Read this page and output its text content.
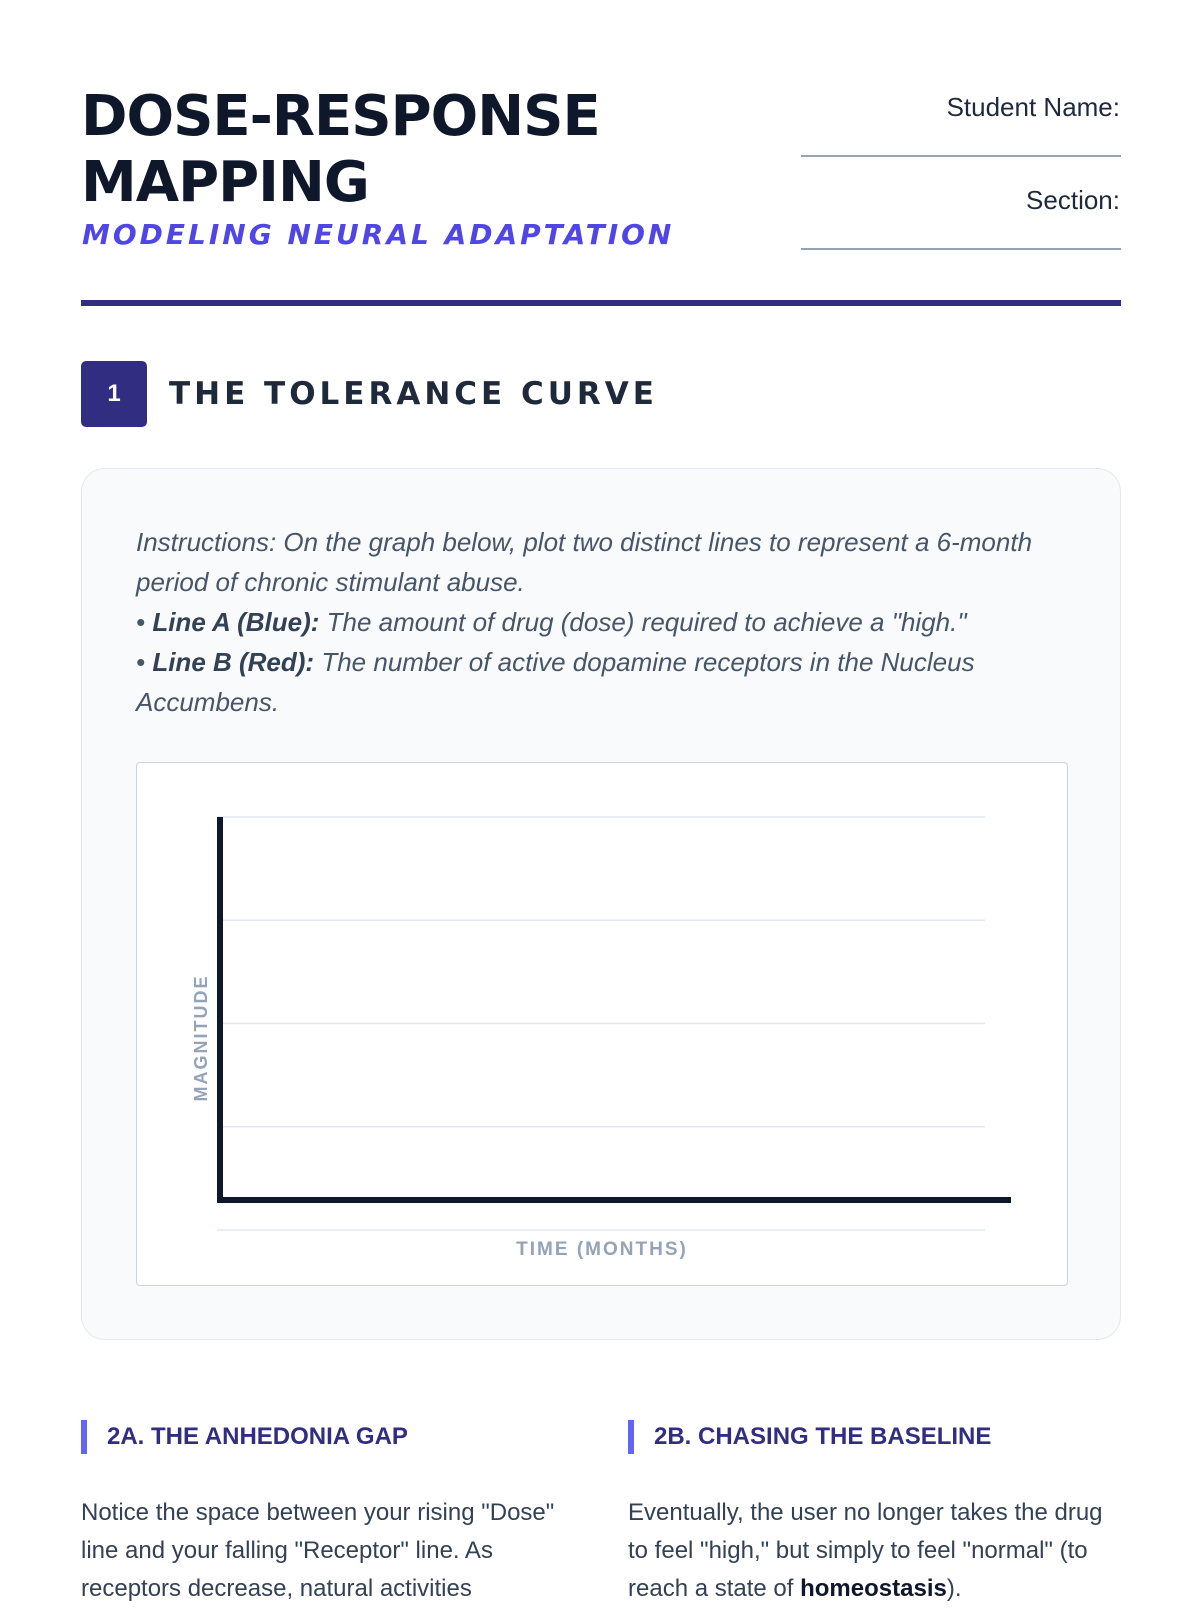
DOSE-RESPONSE
MAPPING
MODELING NEURAL ADAPTATION
Student Name:
Section:
1	THE TOLERANCE CURVE

Instructions: On the graph below, plot two distinct lines to represent a 6-month period of chronic stimulant abuse.

• Line A (Blue): The amount of drug (dose) required to achieve a "high."

• Line B (Red): The number of active dopamine receptors in the Nucleus Accumbens.

MAGNITUDE
TIME (MONTHS)
2A. THE ANHEDONIA GAP

Notice the space between your rising "Dose" line and your falling "Receptor" line. As receptors decrease, natural activities

2B. CHASING THE BASELINE

Eventually, the user no longer takes the drug to feel "high," but simply to feel "normal" (to reach a state of homeostasis).
